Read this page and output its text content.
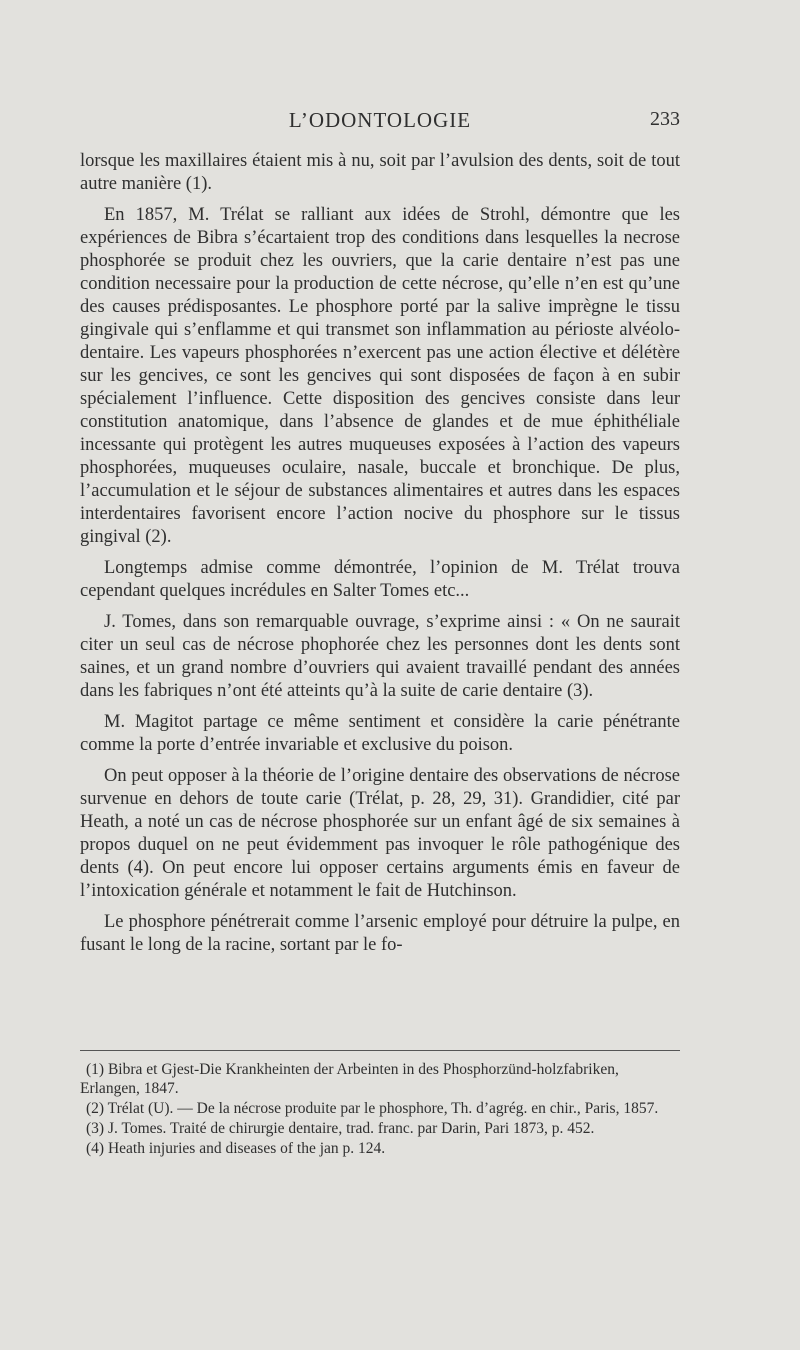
L’ODONTOLOGIE	233

lorsque les maxillaires étaient mis à nu, soit par l’avulsion des dents, soit de tout autre manière (1).

En 1857, M. Trélat se ralliant aux idées de Strohl, démontre que les expériences de Bibra s’écartaient trop des conditions dans lesquelles la necrose phosphorée se produit chez les ouvriers, que la carie dentaire n’est pas une condition necessaire pour la production de cette nécrose, qu’elle n’en est qu’une des causes prédisposantes. Le phosphore porté par la salive imprègne le tissu gingivale qui s’enflamme et qui transmet son inflammation au périoste alvéolo-dentaire. Les vapeurs phosphorées n’exercent pas une action élective et délétère sur les gencives, ce sont les gencives qui sont disposées de façon à en subir spécialement l’influence. Cette disposition des gencives consiste dans leur constitution anatomique, dans l’absence de glandes et de mue éphithéliale incessante qui protègent les autres muqueuses exposées à l’action des vapeurs phosphorées, muqueuses oculaire, nasale, buccale et bronchique. De plus, l’accumulation et le séjour de substances alimentaires et autres dans les espaces interdentaires favorisent encore l’action nocive du phosphore sur le tissus gingival (2).

Longtemps admise comme démontrée, l’opinion de M. Trélat trouva cependant quelques incrédules en Salter Tomes etc...

J. Tomes, dans son remarquable ouvrage, s’exprime ainsi : « On ne saurait citer un seul cas de nécrose phophorée chez les personnes dont les dents sont saines, et un grand nombre d’ouvriers qui avaient travaillé pendant des années dans les fabriques n’ont été atteints qu’à la suite de carie dentaire (3).

M. Magitot partage ce même sentiment et considère la carie pénétrante comme la porte d’entrée invariable et exclusive du poison.

On peut opposer à la théorie de l’origine dentaire des observations de nécrose survenue en dehors de toute carie (Trélat, p. 28, 29, 31). Grandidier, cité par Heath, a noté un cas de nécrose phosphorée sur un enfant âgé de six semaines à propos duquel on ne peut évidemment pas invoquer le rôle pathogénique des dents (4). On peut encore lui opposer certains arguments émis en faveur de l’intoxication générale et notamment le fait de Hutchinson.

Le phosphore pénétrerait comme l’arsenic employé pour détruire la pulpe, en fusant le long de la racine, sortant par le fo-

(1) Bibra et Gjest-Die Krankheinten der Arbeinten in des Phosphorzünd-holzfabriken, Erlangen, 1847.

(2) Trélat (U). — De la nécrose produite par le phosphore, Th. d’agrég. en chir., Paris, 1857.

(3) J. Tomes. Traité de chirurgie dentaire, trad. franc. par Darin, Pari 1873, p. 452.

(4) Heath injuries and diseases of the jan p. 124.
